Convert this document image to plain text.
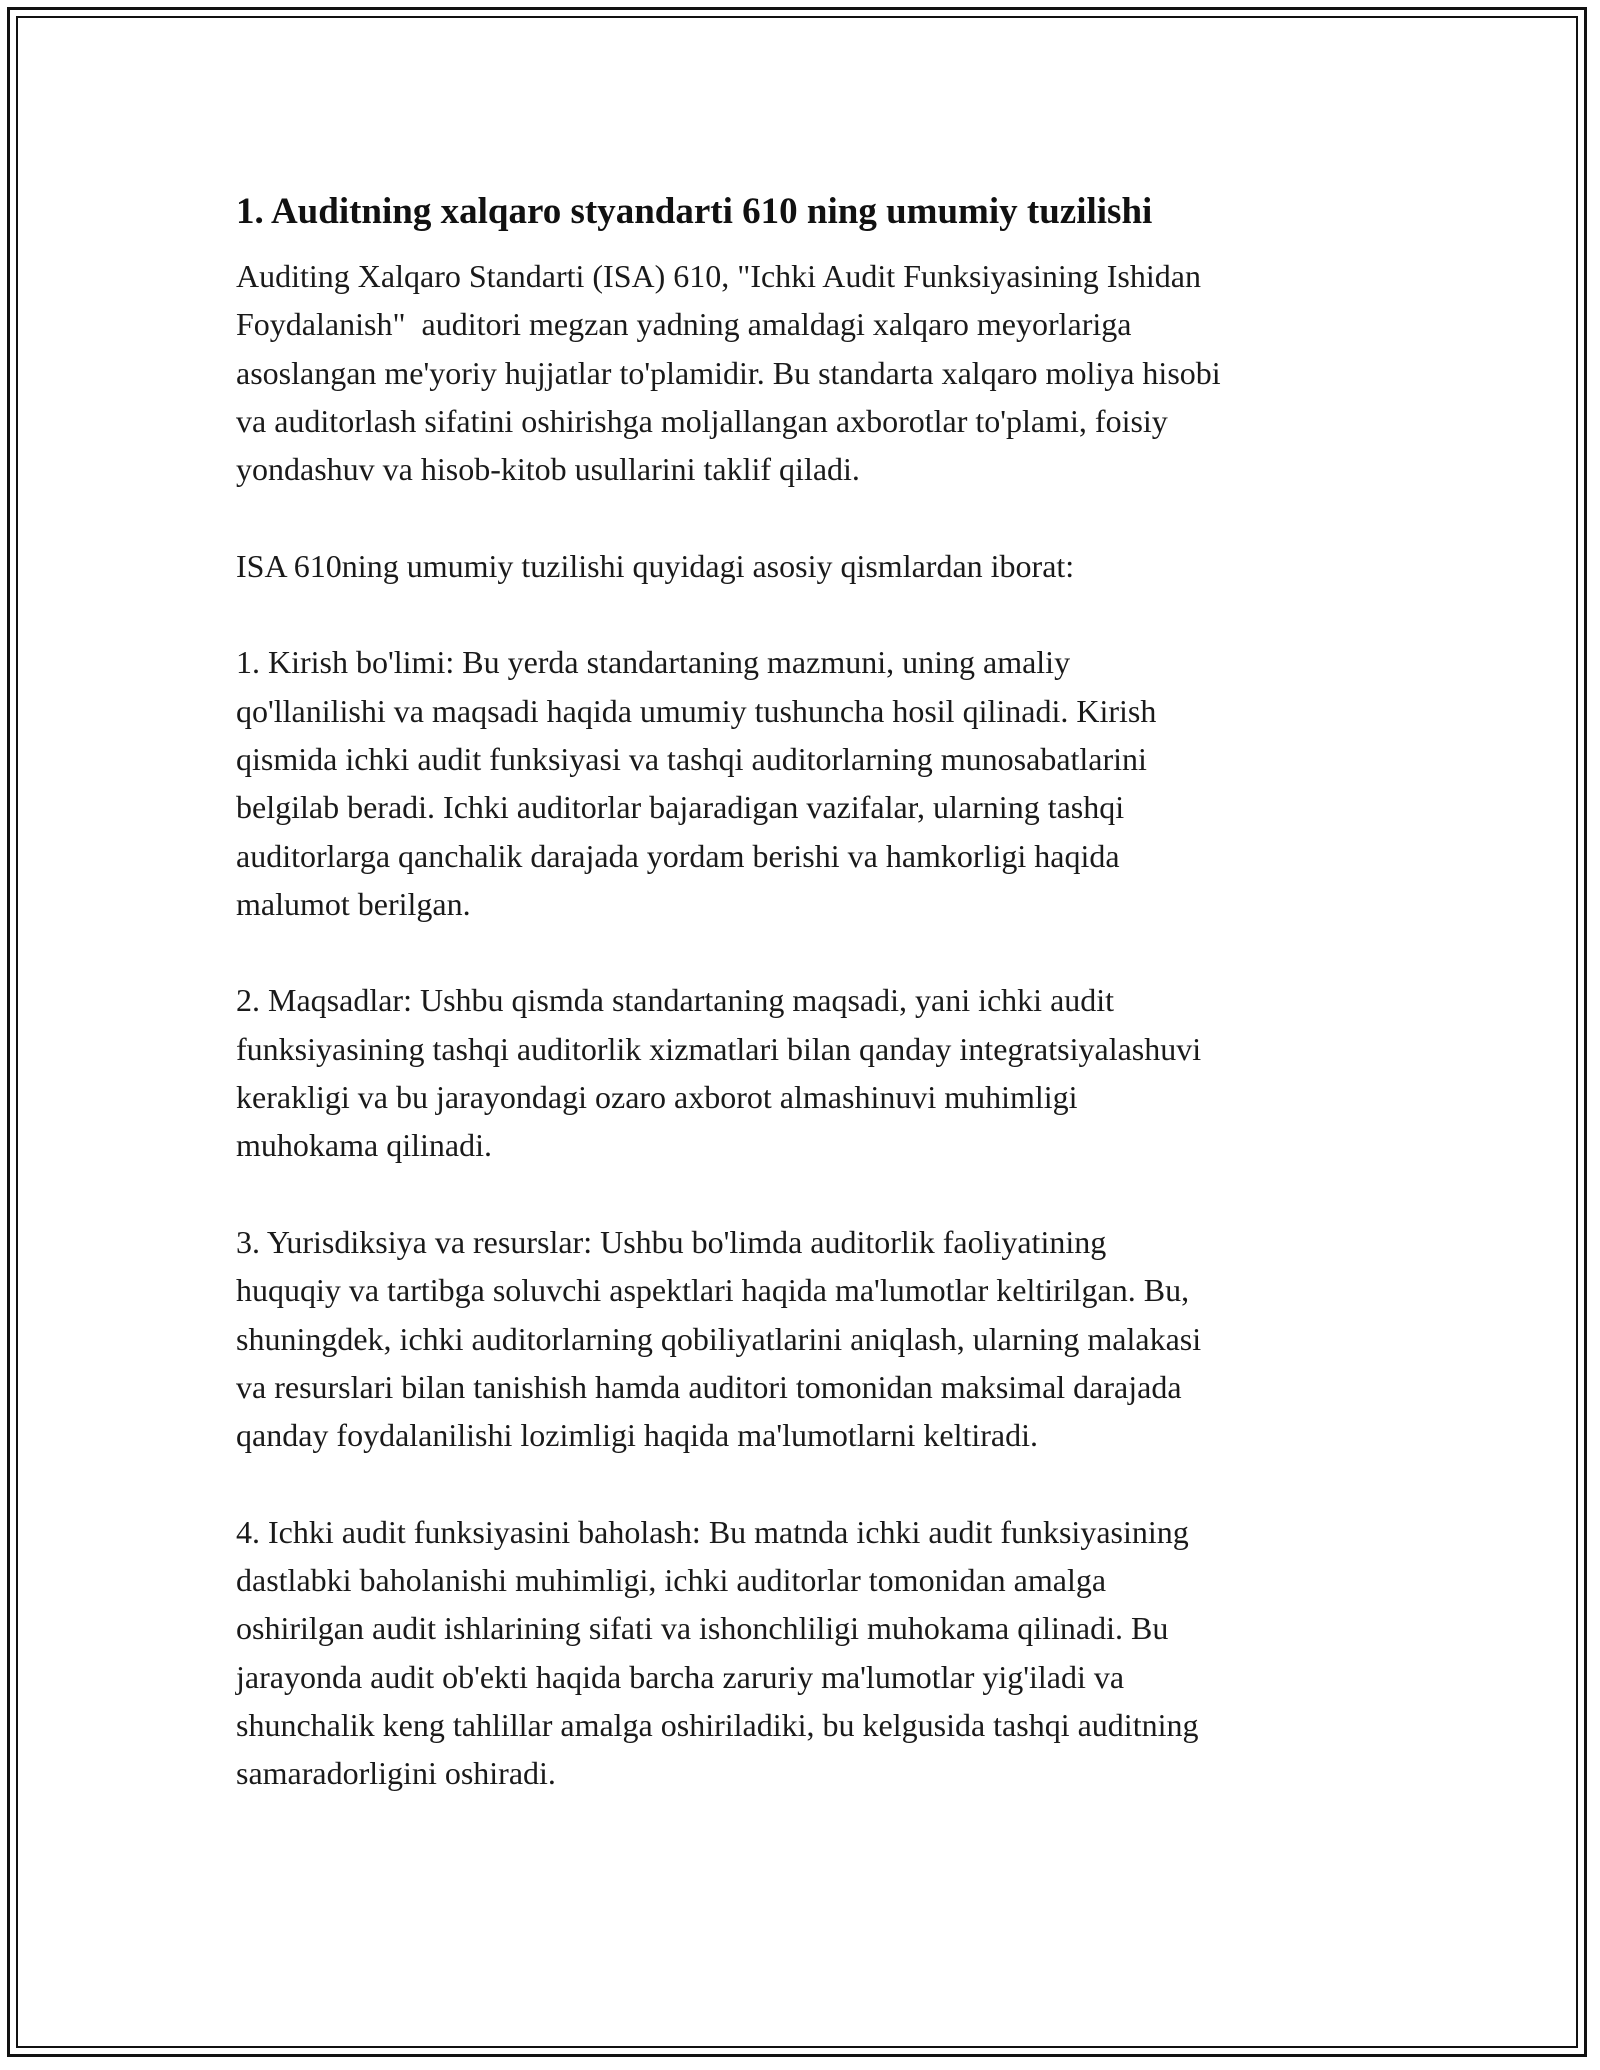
1. Auditning xalqaro styandarti 610 ning umumiy tuzilishi

Auditing Xalqaro Standarti (ISA) 610, "Ichki Audit Funksiyasining Ishidan
Foydalanish"  auditori megzan yadning amaldagi xalqaro meyorlariga
asoslangan me'yoriy hujjatlar to'plamidir. Bu standarta xalqaro moliya hisobi
va auditorlash sifatini oshirishga moljallangan axborotlar to'plami, foisiy
yondashuv va hisob-kitob usullarini taklif qiladi.

ISA 610ning umumiy tuzilishi quyidagi asosiy qismlardan iborat:

1. Kirish bo'limi: Bu yerda standartaning mazmuni, uning amaliy
qo'llanilishi va maqsadi haqida umumiy tushuncha hosil qilinadi. Kirish
qismida ichki audit funksiyasi va tashqi auditorlarning munosabatlarini
belgilab beradi. Ichki auditorlar bajaradigan vazifalar, ularning tashqi
auditorlarga qanchalik darajada yordam berishi va hamkorligi haqida
malumot berilgan.

2. Maqsadlar: Ushbu qismda standartaning maqsadi, yani ichki audit
funksiyasining tashqi auditorlik xizmatlari bilan qanday integratsiyalashuvi
kerakligi va bu jarayondagi ozaro axborot almashinuvi muhimligi
muhokama qilinadi.

3. Yurisdiksiya va resurslar: Ushbu bo'limda auditorlik faoliyatining
huquqiy va tartibga soluvchi aspektlari haqida ma'lumotlar keltirilgan. Bu,
shuningdek, ichki auditorlarning qobiliyatlarini aniqlash, ularning malakasi
va resurslari bilan tanishish hamda auditori tomonidan maksimal darajada
qanday foydalanilishi lozimligi haqida ma'lumotlarni keltiradi.

4. Ichki audit funksiyasini baholash: Bu matnda ichki audit funksiyasining
dastlabki baholanishi muhimligi, ichki auditorlar tomonidan amalga
oshirilgan audit ishlarining sifati va ishonchliligi muhokama qilinadi. Bu
jarayonda audit ob'ekti haqida barcha zaruriy ma'lumotlar yig'iladi va
shunchalik keng tahlillar amalga oshiriladiki, bu kelgusida tashqi auditning
samaradorligini oshiradi.
